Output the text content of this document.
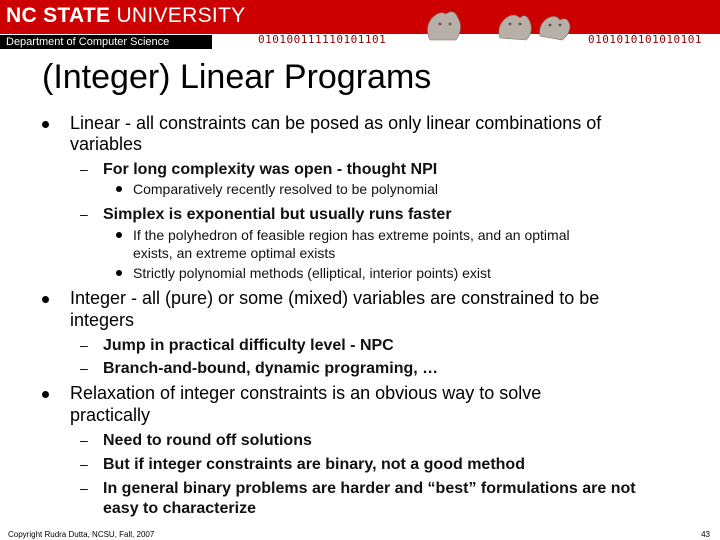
NC STATE UNIVERSITY
Department of Computer Science	010100111110101101	0101010101010101
(Integer) Linear Programs
Linear - all constraints can be posed as only linear combinations of
variables
– For long complexity was open - thought NPI
Comparatively recently resolved to be polynomial
– Simplex is exponential but usually runs faster
If the polyhedron of feasible region has extreme points, and an optimal
exists, an extreme optimal exists
Strictly polynomial methods (elliptical, interior points) exist
Integer - all (pure) or some (mixed) variables are constrained to be
integers
– Jump in practical difficulty level - NPC
– Branch-and-bound, dynamic programing, …
Relaxation of integer constraints is an obvious way to solve
practically
– Need to round off solutions
– But if integer constraints are binary, not a good method
– In general binary problems are harder and “best” formulations are not
easy to characterize
Copyright Rudra Dutta, NCSU, Fall, 2007	43
